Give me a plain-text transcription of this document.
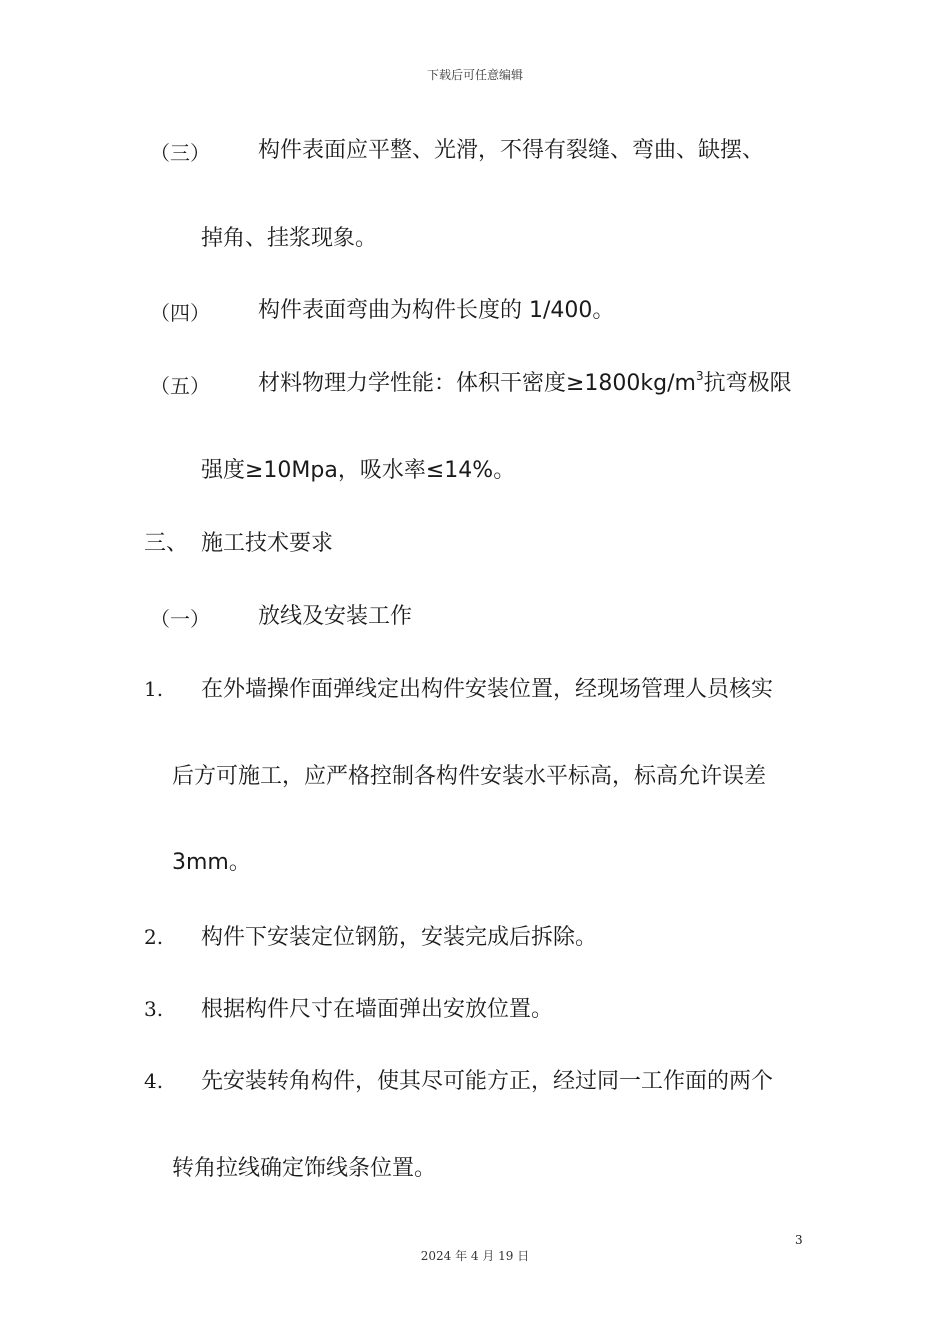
下载后可任意编辑
（三） 构件表面应平整、光滑，不得有裂缝、弯曲、缺摆、
掉角、挂浆现象。
（四） 构件表面弯曲为构件长度的 1/400。
（五） 材料物理力学性能：体积干密度$\ge 1800kg/m^3$抗弯极限
强度≥10Mpa，吸水率≤14%。
三、 施工技术要求
（一） 放线及安装工作
1. 在外墙操作面弹线定出构件安装位置，经现场管理人员核实
后方可施工，应严格控制各构件安装水平标高，标高允许误差
3mm。
2. 构件下安装定位钢筋，安装完成后拆除。
3. 根据构件尺寸在墙面弹出安放位置。
4. 先安装转角构件，使其尽可能方正，经过同一工作面的两个
转角拉线确定饰线条位置。
3
2024 年 4 月 19 日
